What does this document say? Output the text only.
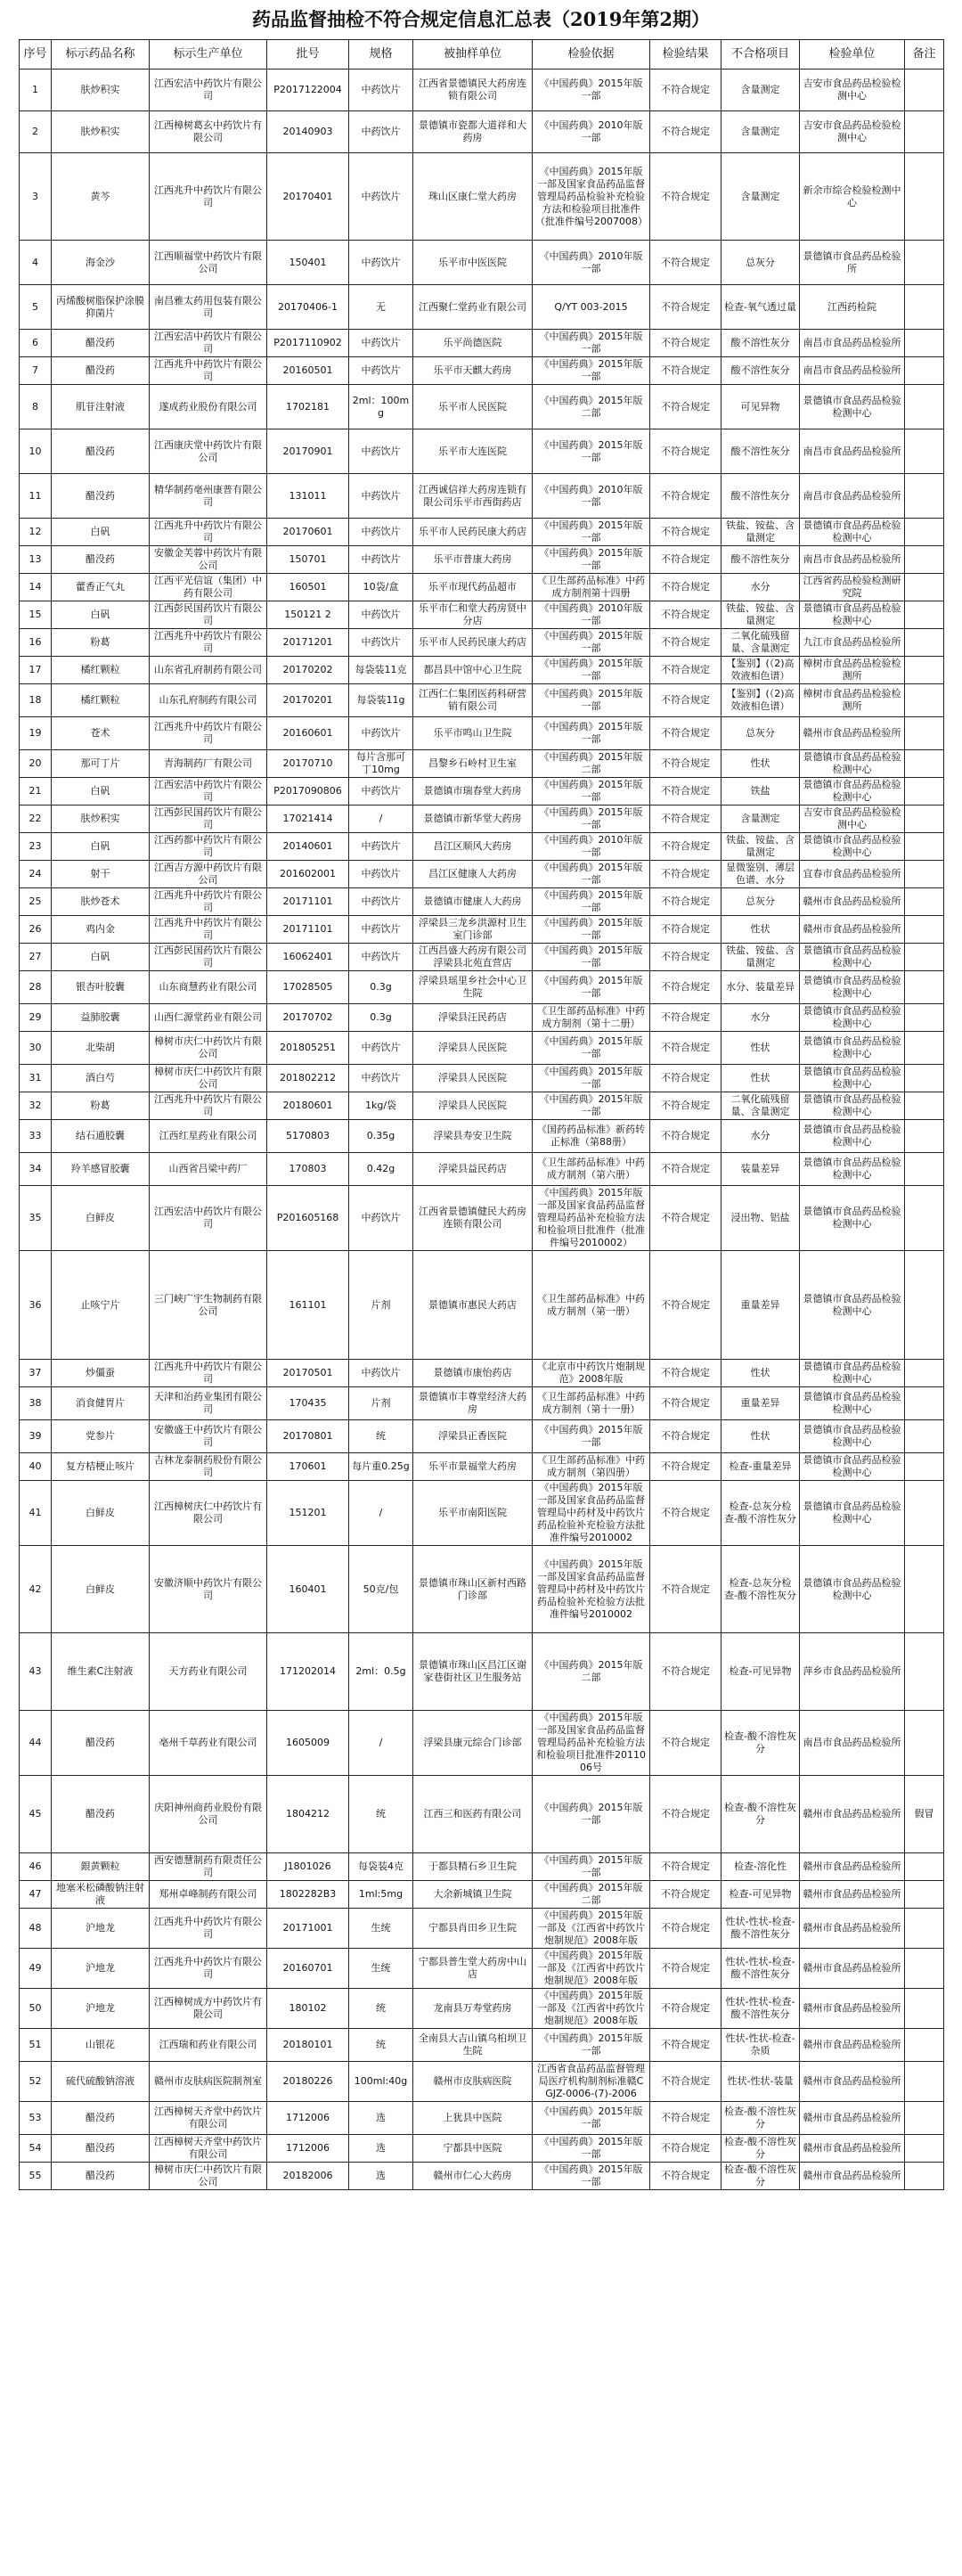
药品监督抽检不符合规定信息汇总表（2019年第2期）
序号	标示药品名称	标示生产单位	批号	规格	被抽样单位	检验依据	检验结果	不合格项目	检验单位	备注
1	肤炒积实	江西宏洁中药饮片有限公司	P2017122004	中药饮片	江西省景德镇民大药房连锁有限公司	《中国药典》2015年版一部	不符合规定	含量测定	吉安市食品药品检验检测中心	
2	肤炒积实	江西樟树葛玄中药饮片有限公司	20140903	中药饮片	景德镇市瓷都大道祥和大药房	《中国药典》2010年版一部	不符合规定	含量测定	吉安市食品药品检验检测中心	
3	黄芩	江西兆升中药饮片有限公司	20170401	中药饮片	珠山区康仁堂大药房	《中国药典》2015年版一部及国家食品药品监督管理局药品检验补充检验方法和检验项目批准件（批准件编号2007008）	不符合规定	含量测定	新余市综合检验检测中心	
4	海金沙	江西顺福堂中药饮片有限公司	150401	中药饮片	乐平市中医医院	《中国药典》2010年版一部	不符合规定	总灰分	景德镇市食品药品检验所	
5	丙烯酸树脂保护涂膜抑菌片	南昌雅太药用包装有限公司	20170406-1	无	江西聚仁堂药业有限公司	Q/YT 003-2015	不符合规定	检查-氧气透过量	江西药检院	
6	醋没药	江西宏洁中药饮片有限公司	P2017110902	中药饮片	乐平尚德医院	《中国药典》2015年版一部	不符合规定	酸不溶性灰分	南昌市食品药品检验所	
7	醋没药	江西兆升中药饮片有限公司	20160501	中药饮片	乐平市天麒大药房	《中国药典》2015年版一部	不符合规定	酸不溶性灰分	南昌市食品药品检验所	
8	肌苷注射液	遂成药业股份有限公司	1702181	2ml：100mg	乐平市人民医院	《中国药典》2015年版二部	不符合规定	可见异物	景德镇市食品药品检验检测中心	
10	醋没药	江西康庆堂中药饮片有限公司	20170901	中药饮片	乐平市大连医院	《中国药典》2015年版一部	不符合规定	酸不溶性灰分	南昌市食品药品检验所	
11	醋没药	精华制药亳州康普有限公司	131011	中药饮片	江西诚信祥大药房连锁有限公司乐平市西街药店	《中国药典》2010年版一部	不符合规定	酸不溶性灰分	南昌市食品药品检验所	
12	白矾	江西兆升中药饮片有限公司	20170601	中药饮片	乐平市人民药民康大药店	《中国药典》2015年版一部	不符合规定	铁盐、铵盐、含量测定	景德镇市食品药品检验检测中心	
13	醋没药	安徽金芙蓉中药饮片有限公司	150701	中药饮片	乐平市普康大药房	《中国药典》2015年版一部	不符合规定	酸不溶性灰分	南昌市食品药品检验所	
14	藿香正气丸	江西平光信谊（集团）中药有限公司	160501	10袋/盒	乐平市现代药品超市	《卫生部药品标准》中药成方制剂第十四册	不符合规定	水分	江西省药品检验检测研究院	
15	白矾	江西彭民国药饮片有限公司	150121 2	中药饮片	乐平市仁和堂大药房贤中分店	《中国药典》2010年版一部	不符合规定	铁盐、铵盐、含量测定	景德镇市食品药品检验检测中心	
16	粉葛	江西兆升中药饮片有限公司	20171201	中药饮片	乐平市人民药民康大药店	《中国药典》2015年版一部	不符合规定	二氧化硫残留量、含量测定	九江市食品药品检验所	
17	橘红颗粒	山东省孔府制药有限公司	20170202	每袋装11克	都昌县中馆中心卫生院	《中国药典》2015年版一部	不符合规定	【鉴别】(（2)高效液相色谱）	樟树市食品药品检验检测所	
18	橘红颗粒	山东孔府制药有限公司	20170201	每袋装11g	江西仁仁集团医药科研营销有限公司	《中国药典》2015年版一部	不符合规定	【鉴别】(（2)高效液相色谱）	樟树市食品药品检验检测所	
19	苍术	江西兆升中药饮片有限公司	20160601	中药饮片	乐平市鸣山卫生院	《中国药典》2015年版一部	不符合规定	总灰分	赣州市食品药品检验所	
20	那可丁片	青海制药厂有限公司	20170710	每片含那可丁10mg	昌黎乡石岭村卫生室	《中国药典》2015年版二部	不符合规定	性状	景德镇市食品药品检验检测中心	
21	白矾	江西宏洁中药饮片有限公司	P2017090806	中药饮片	景德镇市瑞春堂大药房	《中国药典》2015年版一部	不符合规定	铁盐	景德镇市食品药品检验检测中心	
22	肤炒积实	江西彭民国药饮片有限公司	17021414	/	景德镇市新华堂大药房	《中国药典》2015年版一部	不符合规定	含量测定	吉安市食品药品检验检测中心	
23	白矾	江西药都中药饮片有限公司	20140601	中药饮片	昌江区顺风大药房	《中国药典》2010年版一部	不符合规定	铁盐、铵盐、含量测定	景德镇市食品药品检验检测中心	
24	射干	江西吉方源中药饮片有限公司	201602001	中药饮片	昌江区健康人大药房	《中国药典》2015年版一部	不符合规定	显微鉴别、薄层色谱、水分	宜春市食品药品检验所	
25	肤炒苍术	江西兆升中药饮片有限公司	20171101	中药饮片	景德镇市健康人大药房	《中国药典》2015年版一部	不符合规定	总灰分	赣州市食品药品检验所	
26	鸡内金	江西兆升中药饮片有限公司	20171101	中药饮片	浮梁县三龙乡洪源村卫生室门诊部	《中国药典》2015年版一部	不符合规定	性状	赣州市食品药品检验所	
27	白矾	江西彭民国药饮片有限公司	16062401	中药饮片	江西昌盛大药房有限公司浮梁县北苑直营店	《中国药典》2015年版一部	不符合规定	铁盐、铵盐、含量测定	景德镇市食品药品检验检测中心	
28	银杏叶胶囊	山东商慧药业有限公司	17028505	0.3g	浮梁县瑶里乡社会中心卫生院	《中国药典》2015年版一部	不符合规定	水分、装量差异	景德镇市食品药品检验检测中心	
29	益肺胶囊	山西仁源堂药业有限公司	20170702	0.3g	浮梁县汪民药店	《卫生部药品标准》中药成方制剂（第十二册）	不符合规定	水分	景德镇市食品药品检验检测中心	
30	北柴胡	樟树市庆仁中药饮片有限公司	201805251	中药饮片	浮梁县人民医院	《中国药典》2015年版一部	不符合规定	性状	景德镇市食品药品检验检测中心	
31	酒白芍	樟树市庆仁中药饮片有限公司	201802212	中药饮片	浮梁县人民医院	《中国药典》2015年版一部	不符合规定	性状	景德镇市食品药品检验检测中心	
32	粉葛	江西兆升中药饮片有限公司	20180601	1kg/袋	浮梁县人民医院	《中国药典》2015年版一部	不符合规定	二氧化硫残留量、含量测定	景德镇市食品药品检验检测中心	
33	结石通胶囊	江西红星药业有限公司	5170803	0.35g	浮梁县寿安卫生院	《国药药品标准》新药转正标准（第88册）	不符合规定	水分	景德镇市食品药品检验检测中心	
34	羚羊感冒胶囊	山西省吕梁中药厂	170803	0.42g	浮梁县益民药店	《卫生部药品标准》中药成方制剂（第六册）	不符合规定	装量差异	景德镇市食品药品检验检测中心	
35	白鲜皮	江西宏洁中药饮片有限公司	P201605168	中药饮片	江西省景德镇健民大药房连锁有限公司	《中国药典》2015年版一部及国家食品药品监督管理局药品补充检验方法和检验项目批准件（批准件编号2010002）	不符合规定	浸出物、铝盐	景德镇市食品药品检验检测中心	
36	止咳宁片	三门峡广宇生物制药有限公司	161101	片剂	景德镇市惠民大药店	《卫生部药品标准》中药成方制剂（第一册）	不符合规定	重量差异	景德镇市食品药品检验检测中心	
37	炒僵蚕	江西兆升中药饮片有限公司	20170501	中药饮片	景德镇市康怡药店	《北京市中药饮片炮制规范》2008年版	不符合规定	性状	景德镇市食品药品检验检测中心	
38	消食健胃片	天津和治药业集团有限公司	170435	片剂	景德镇市丰尊堂经济大药房	《卫生部药品标准》中药成方制剂（第十一册）	不符合规定	重量差异	景德镇市食品药品检验检测中心	
39	党参片	安徽盛王中药饮片有限公司	20170801	统	浮梁县正香医院	《中国药典》2015年版一部	不符合规定	性状	景德镇市食品药品检验检测中心	
40	复方桔梗止咳片	吉林龙泰制药股份有限公司	170601	每片重0.25g	乐平市景福堂大药房	《卫生部药品标准》中药成方制剂（第四册）	不符合规定	检查-重量差异	景德镇市食品药品检验检测中心	
41	白鲜皮	江西樟树庆仁中药饮片有限公司	151201	/	乐平市南阳医院	《中国药典》2015年版一部及国家食品药品监督管理局中药材及中药饮片药品检验补充检验方法批准件编号2010002	不符合规定	检查-总灰分检查-酸不溶性灰分	景德镇市食品药品检验检测中心	
42	白鲜皮	安徽济顺中药饮片有限公司	160401	50克/包	景德镇市珠山区新村西路门诊部	《中国药典》2015年版一部及国家食品药品监督管理局中药材及中药饮片药品检验补充检验方法批准件编号2010002	不符合规定	检查-总灰分检查-酸不溶性灰分	景德镇市食品药品检验检测中心	
43	维生素C注射液	天方药业有限公司	171202014	2ml：0.5g	景德镇市珠山区昌江区谢家巷街社区卫生服务站	《中国药典》2015年版二部	不符合规定	检查-可见异物	萍乡市食品药品检验所	
44	醋没药	亳州千草药业有限公司	1605009	/	浮梁县康元综合门诊部	《中国药典》2015年版一部及国家食品药品监督管理局药品补充检验方法和检验项目批准件2011006号	不符合规定	检查-酸不溶性灰分	南昌市食品药品检验所	
45	醋没药	庆阳神州商药业股份有限公司	1804212	统	江西三和医药有限公司	《中国药典》2015年版一部	不符合规定	检查-酸不溶性灰分	赣州市食品药品检验所	假冒
46	銀黄颗粒	西安德慧制药有限责任公司	J1801026	每袋装4克	于都县精石乡卫生院	《中国药典》2015年版一部	不符合规定	检查-溶化性	赣州市食品药品检验所	
47	地塞米松磷酸钠注射液	郑州卓峰制药有限公司	1802282B3	1ml:5mg	大余新城镇卫生院	《中国药典》2015年版二部	不符合规定	检查-可见异物	赣州市食品药品检验所	
48	沪地龙	江西兆升中药饮片有限公司	20171001	生统	宁都县肖田乡卫生院	《中国药典》2015年版一部及《江西省中药饮片炮制规范》2008年版	不符合规定	性状-性状-检查-酸不溶性灰分	赣州市食品药品检验所	
49	沪地龙	江西兆升中药饮片有限公司	20160701	生统	宁都县普生堂大药房中山店	《中国药典》2015年版一部及《江西省中药饮片炮制规范》2008年版	不符合规定	性状-性状-检查-酸不溶性灰分	赣州市食品药品检验所	
50	沪地龙	江西樟树成方中药饮片有限公司	180102	统	龙南县万寿堂药房	《中国药典》2015年版一部及《江西省中药饮片炮制规范》2008年版	不符合规定	性状-性状-检查-酸不溶性灰分	赣州市食品药品检验所	
51	山银花	江西瑞和药业有限公司	20180101	统	全南县大吉山镇乌桕坝卫生院	《中国药典》2015年版一部	不符合规定	性状-性状-检查-杂质	赣州市食品药品检验所	
52	硫代硫酸钠溶液	赣州市皮肤病医院制剂室	20180226	100ml:40g	赣州市皮肤病医院	江西省食品药品监督管理局医疗机构制剂标准赣CGJZ-0006-(7)-2006	不符合规定	性状-性状-装量	赣州市食品药品检验所	
53	醋没药	江西樟树天齐堂中药饮片有限公司	1712006	选	上犹县中医院	《中国药典》2015年版一部	不符合规定	检查-酸不溶性灰分	赣州市食品药品检验所	
54	醋没药	江西樟树天齐堂中药饮片有限公司	1712006	选	宁都县中医院	《中国药典》2015年版一部	不符合规定	检查-酸不溶性灰分	赣州市食品药品检验所	
55	醋没药	樟树市庆仁中药饮片有限公司	20182006	选	赣州市仁心大药房	《中国药典》2015年版一部	不符合规定	检查-酸不溶性灰分	赣州市食品药品检验所	
